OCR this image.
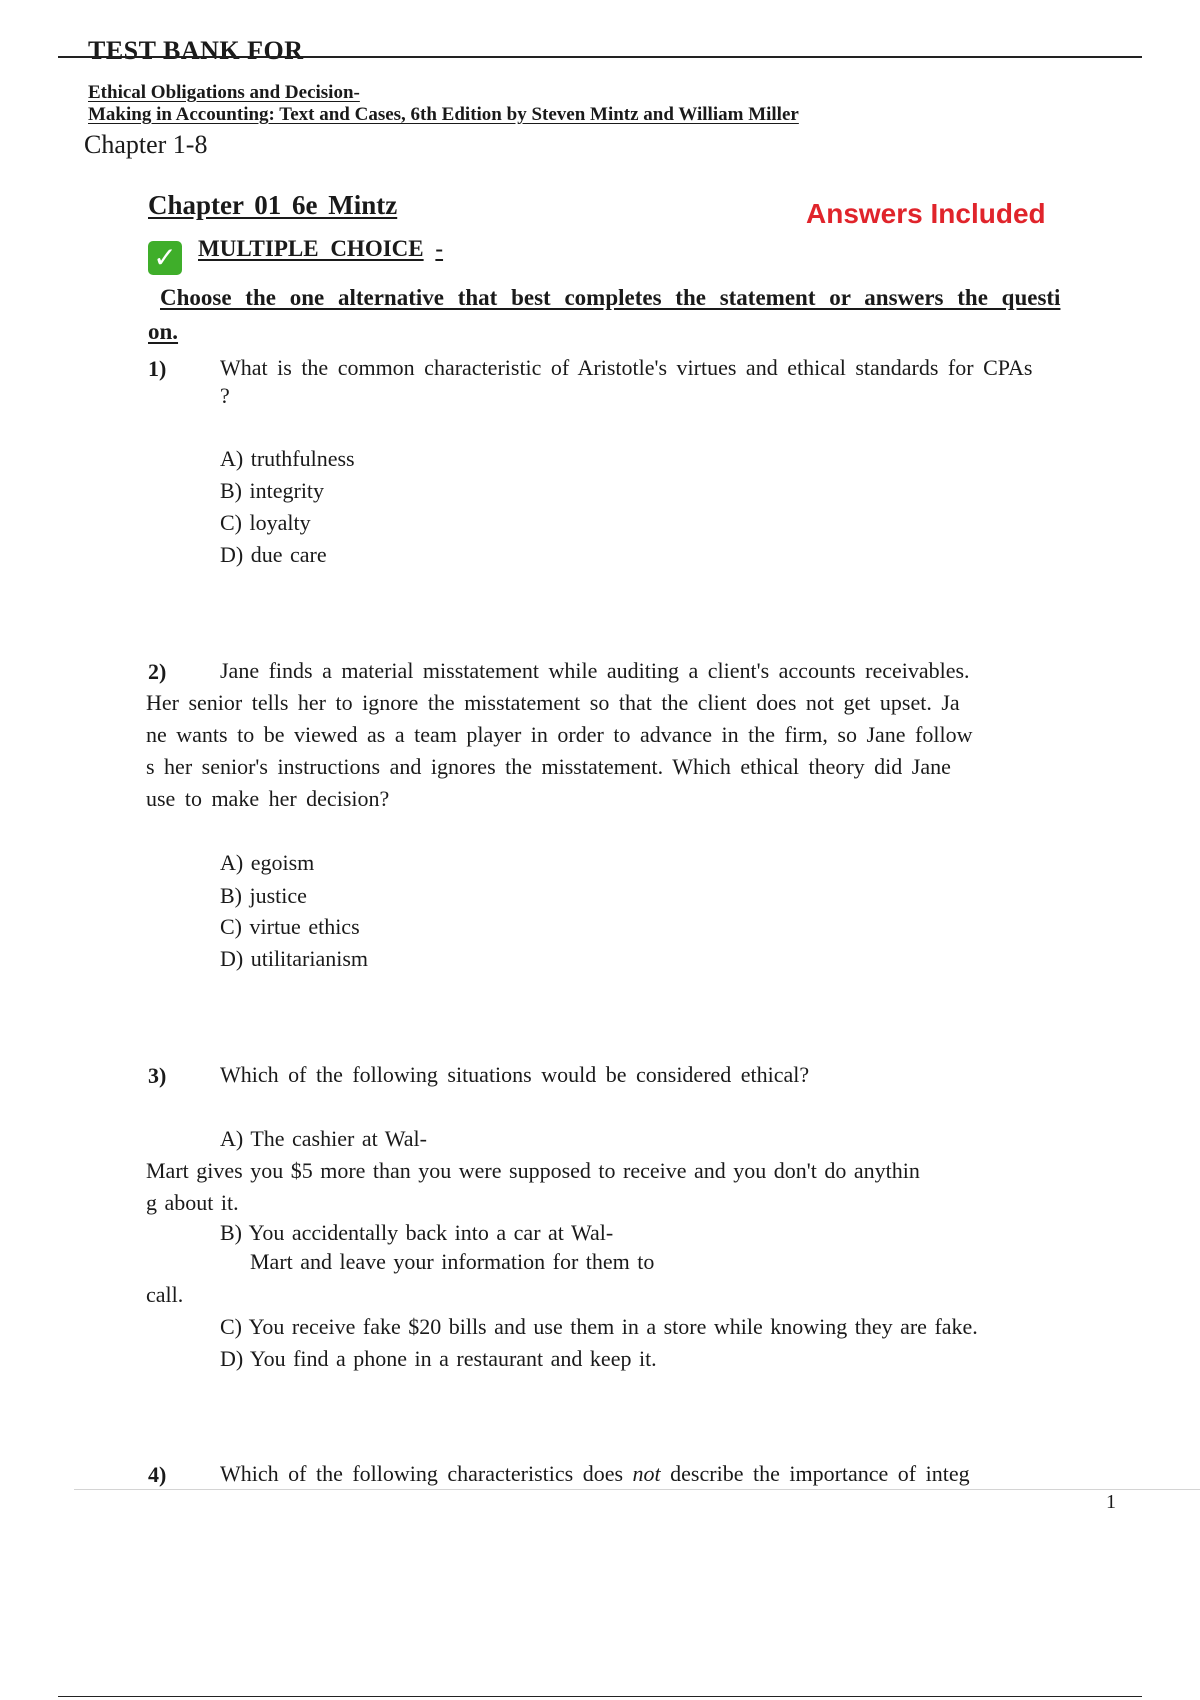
TEST BANK FOR
Ethical Obligations and Decision-
Making in Accounting: Text and Cases, 6th Edition by Steven Mintz and William Miller
Chapter 1-8
Chapter 01 6e Mintz	Answers Included
✓ MULTIPLE CHOICE -
Choose the one alternative that best completes the statement or answers the questi
on.
1) What is the common characteristic of Aristotle's virtues and ethical standards for CPAs
?
A) truthfulness
B) integrity
C) loyalty
D) due care
2) Jane finds a material misstatement while auditing a client's accounts receivables.
Her senior tells her to ignore the misstatement so that the client does not get upset. Ja
ne wants to be viewed as a team player in order to advance in the firm, so Jane follow
s her senior's instructions and ignores the misstatement. Which ethical theory did Jane
use to make her decision?
A) egoism
B) justice
C) virtue ethics
D) utilitarianism
3) Which of the following situations would be considered ethical?
A) The cashier at Wal-
Mart gives you $5 more than you were supposed to receive and you don't do anythin
g about it.
B) You accidentally back into a car at Wal-
Mart and leave your information for them to
call.
C) You receive fake $20 bills and use them in a store while knowing they are fake.
D) You find a phone in a restaurant and keep it.
4) Which of the following characteristics does not describe the importance of integ
1
